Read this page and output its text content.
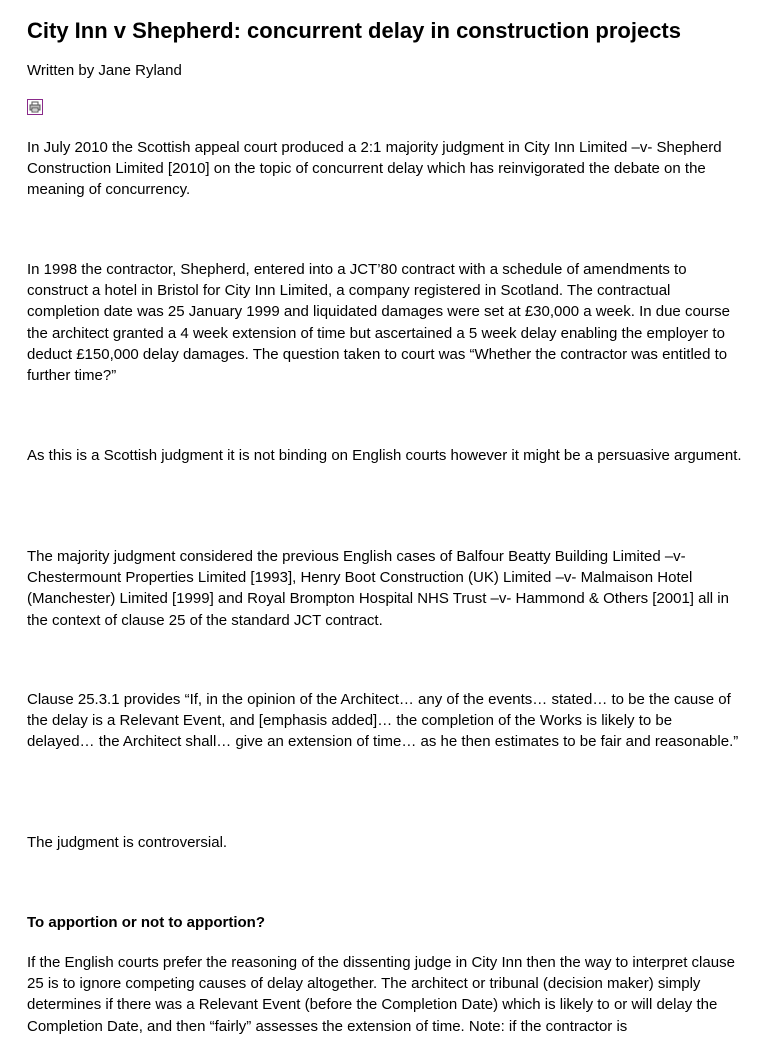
City Inn v Shepherd: concurrent delay in construction projects
Written by Jane Ryland

In July 2010 the Scottish appeal court produced a 2:1 majority judgment in City Inn Limited –v- Shepherd Construction Limited [2010] on the topic of concurrent delay which has reinvigorated the debate on the meaning of concurrency.

In 1998 the contractor, Shepherd, entered into a JCT’80 contract with a schedule of amendments to construct a hotel in Bristol for City Inn Limited, a company registered in Scotland. The contractual completion date was 25 January 1999 and liquidated damages were set at £30,000 a week. In due course the architect granted a 4 week extension of time but ascertained a 5 week delay enabling the employer to deduct £150,000 delay damages. The question taken to court was “Whether the contractor was entitled to further time?”

As this is a Scottish judgment it is not binding on English courts however it might be a persuasive argument.

The majority judgment considered the previous English cases of Balfour Beatty Building Limited –v- Chestermount Properties Limited [1993], Henry Boot Construction (UK) Limited –v- Malmaison Hotel (Manchester) Limited [1999] and Royal Brompton Hospital NHS Trust –v- Hammond & Others [2001] all in the context of clause 25 of the standard JCT contract.

Clause 25.3.1 provides “If, in the opinion of the Architect… any of the events… stated… to be the cause of the delay is a Relevant Event, and [emphasis added]… the completion of the Works is likely to be delayed… the Architect shall… give an extension of time… as he then estimates to be fair and reasonable.”

The judgment is controversial.

To apportion or not to apportion?

If the English courts prefer the reasoning of the dissenting judge in City Inn then the way to interpret clause 25 is to ignore competing causes of delay altogether. The architect or tribunal (decision maker) simply determines if there was a Relevant Event (before the Completion Date) which is likely to or will delay the Completion Date, and then “fairly” assesses the extension of time. Note: if the contractor is
